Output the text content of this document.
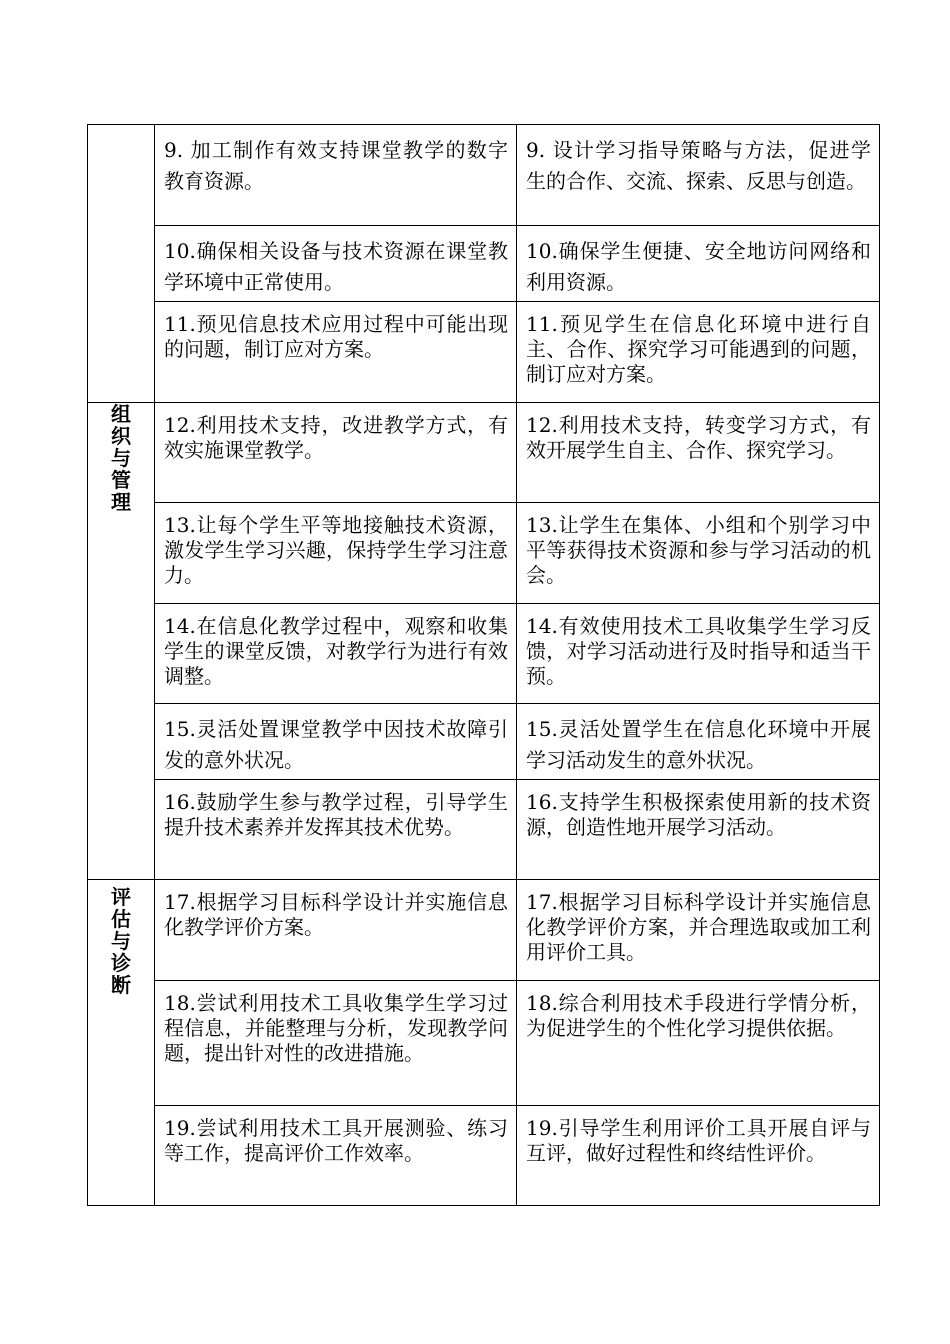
	9. 加工制作有效支持课堂教学的数字教育资源。	9. 设计学习指导策略与方法，促进学生的合作、交流、探索、反思与创造。

	10.确保相关设备与技术资源在课堂教学环境中正常使用。	10.确保学生便捷、安全地访问网络和利用资源。

	11.预见信息技术应用过程中可能出现的问题，制订应对方案。	11.预见学生在信息化环境中进行自主、合作、探究学习可能遇到的问题，制订应对方案。

组织与管理	12.利用技术支持，改进教学方式，有效实施课堂教学。	12.利用技术支持，转变学习方式，有效开展学生自主、合作、探究学习。

	13.让每个学生平等地接触技术资源，激发学生学习兴趣，保持学生学习注意力。	13.让学生在集体、小组和个别学习中平等获得技术资源和参与学习活动的机会。

	14.在信息化教学过程中，观察和收集学生的课堂反馈，对教学行为进行有效调整。	14.有效使用技术工具收集学生学习反馈，对学习活动进行及时指导和适当干预。

	15.灵活处置课堂教学中因技术故障引发的意外状况。	15.灵活处置学生在信息化环境中开展学习活动发生的意外状况。

	16.鼓励学生参与教学过程，引导学生提升技术素养并发挥其技术优势。	16.支持学生积极探索使用新的技术资源，创造性地开展学习活动。

评估与诊断	17.根据学习目标科学设计并实施信息化教学评价方案。	17.根据学习目标科学设计并实施信息化教学评价方案，并合理选取或加工利用评价工具。

	18.尝试利用技术工具收集学生学习过程信息，并能整理与分析，发现教学问题，提出针对性的改进措施。	18.综合利用技术手段进行学情分析，为促进学生的个性化学习提供依据。

	19.尝试利用技术工具开展测验、练习等工作，提高评价工作效率。	19.引导学生利用评价工具开展自评与互评，做好过程性和终结性评价。
